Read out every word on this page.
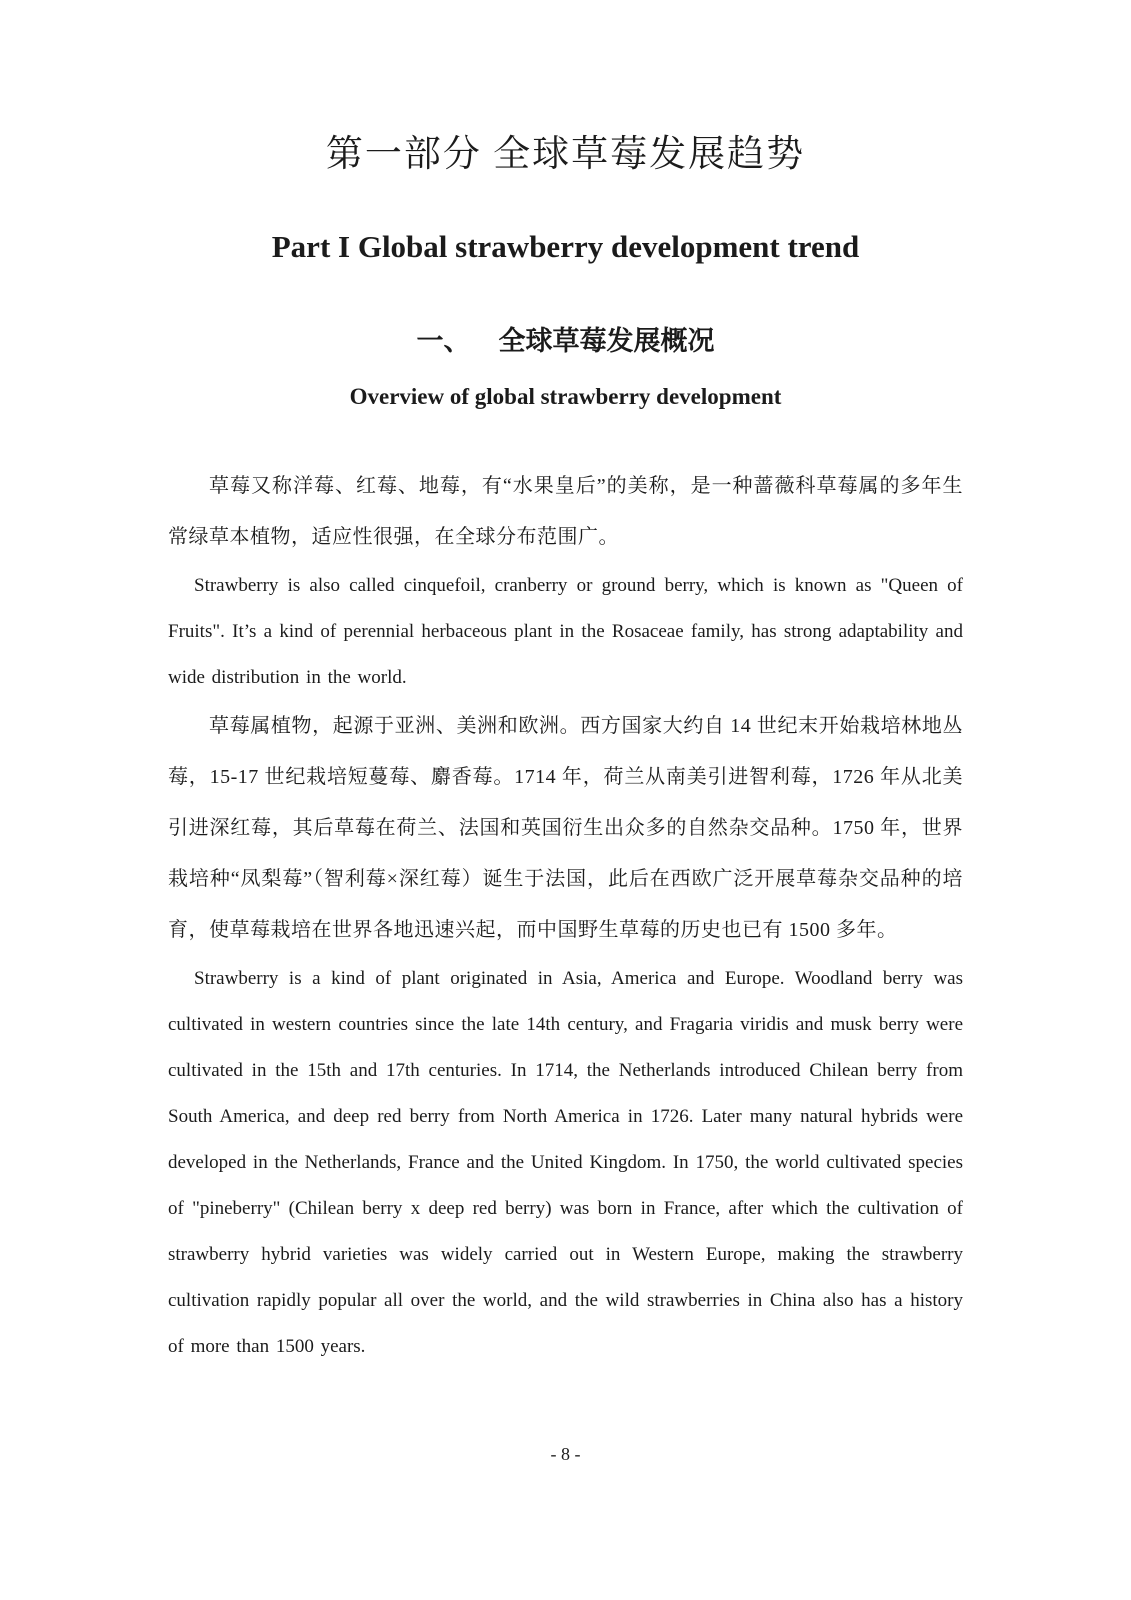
第一部分 全球草莓发展趋势
Part I Global strawberry development trend
一、 全球草莓发展概况
Overview of global strawberry development

草莓又称洋莓、红莓、地莓，有“水果皇后”的美称，是一种蔷薇科草莓属的多年生常绿草本植物，适应性很强，在全球分布范围广。

Strawberry is also called cinquefoil, cranberry or ground berry, which is known as "Queen of Fruits". It’s a kind of perennial herbaceous plant in the Rosaceae family, has strong adaptability and wide distribution in the world.

草莓属植物，起源于亚洲、美洲和欧洲。西方国家大约自 14 世纪末开始栽培林地丛莓，15-17 世纪栽培短蔓莓、麝香莓。1714 年，荷兰从南美引进智利莓，1726 年从北美引进深红莓，其后草莓在荷兰、法国和英国衍生出众多的自然杂交品种。1750 年，世界栽培种“凤梨莓”（智利莓×深红莓）诞生于法国，此后在西欧广泛开展草莓杂交品种的培育，使草莓栽培在世界各地迅速兴起，而中国野生草莓的历史也已有 1500 多年。

Strawberry is a kind of plant originated in Asia, America and Europe. Woodland berry was cultivated in western countries since the late 14th century, and Fragaria viridis and musk berry were cultivated in the 15th and 17th centuries. In 1714, the Netherlands introduced Chilean berry from South America, and deep red berry from North America in 1726. Later many natural hybrids were developed in the Netherlands, France and the United Kingdom. In 1750, the world cultivated species of "pineberry" (Chilean berry x deep red berry) was born in France, after which the cultivation of strawberry hybrid varieties was widely carried out in Western Europe, making the strawberry cultivation rapidly popular all over the world, and the wild strawberries in China also has a history of more than 1500 years.

- 8 -
